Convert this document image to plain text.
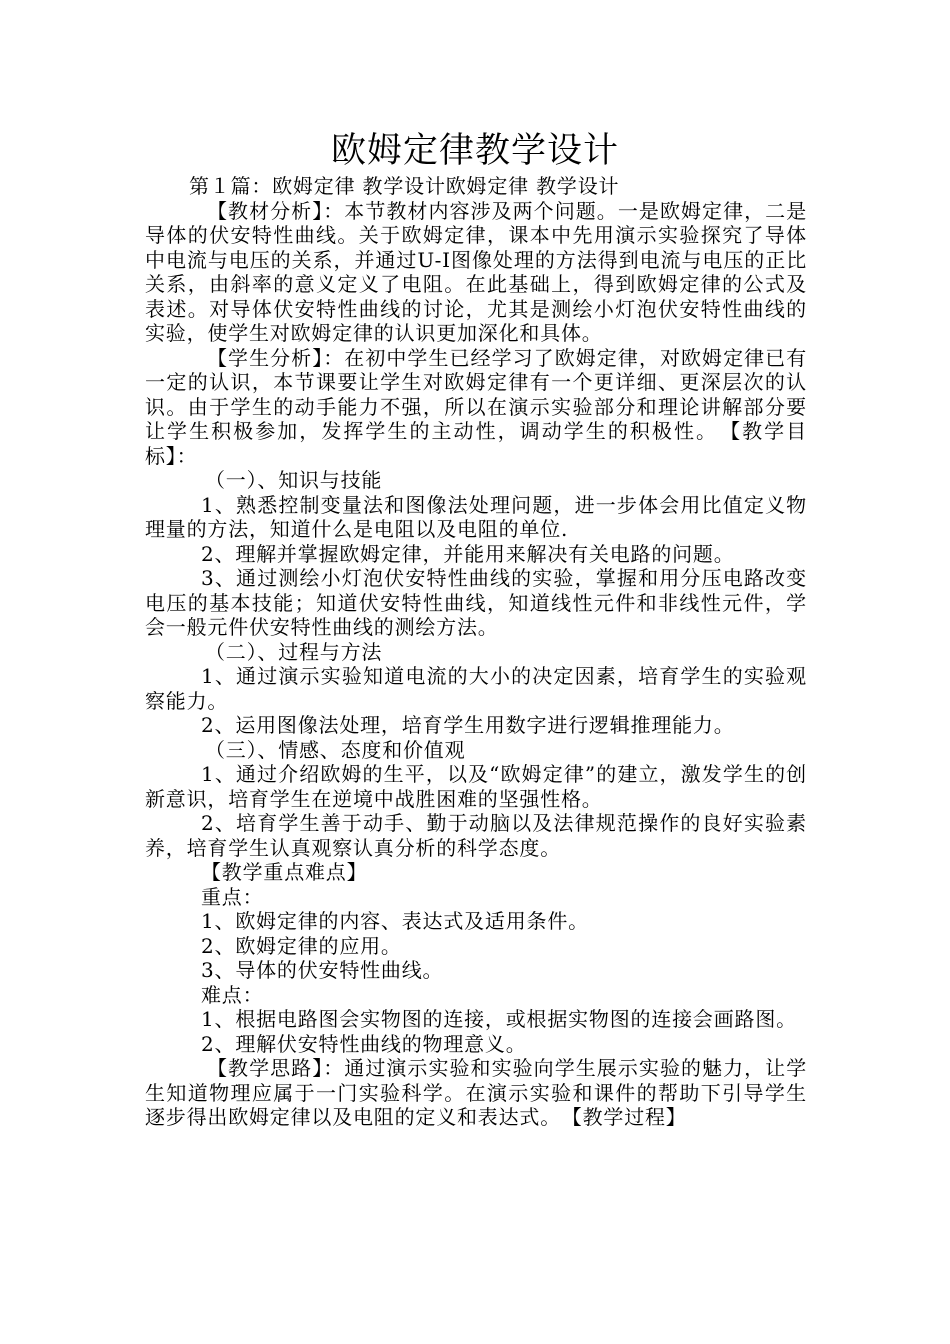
欧姆定律教学设计

第１篇：欧姆定律 教学设计欧姆定律 教学设计

【教材分析】：本节教材内容涉及两个问题。一是欧姆定律，二是导体的伏安特性曲线。关于欧姆定律，课本中先用演示实验探究了导体中电流与电压的关系，并通过U-I图像处理的方法得到电流与电压的正比关系，由斜率的意义定义了电阻。在此基础上，得到欧姆定律的公式及表述。对导体伏安特性曲线的讨论，尤其是测绘小灯泡伏安特性曲线的实验，使学生对欧姆定律的认识更加深化和具体。

【学生分析】：在初中学生已经学习了欧姆定律，对欧姆定律已有一定的认识，本节课要让学生对欧姆定律有一个更详细、更深层次的认识。由于学生的动手能力不强，所以在演示实验部分和理论讲解部分要让学生积极参加，发挥学生的主动性，调动学生的积极性。　【教学目标】：

（一）、知识与技能

1、熟悉控制变量法和图像法处理问题，进一步体会用比值定义物理量的方法，知道什么是电阻以及电阻的单位.

2、理解并掌握欧姆定律，并能用来解决有关电路的问题。

3、通过测绘小灯泡伏安特性曲线的实验，掌握和用分压电路改变电压的基本技能；知道伏安特性曲线，知道线性元件和非线性元件，学会一般元件伏安特性曲线的测绘方法。

（二）、过程与方法

1、通过演示实验知道电流的大小的决定因素，培育学生的实验观察能力。

2、运用图像法处理，培育学生用数字进行逻辑推理能力。

（三）、情感、态度和价值观

1、通过介绍欧姆的生平，以及“欧姆定律”的建立，激发学生的创新意识，培育学生在逆境中战胜困难的坚强性格。

2、培育学生善于动手、勤于动脑以及法律规范操作的良好实验素养，培育学生认真观察认真分析的科学态度。

【教学重点难点】

重点：

1、欧姆定律的内容、表达式及适用条件。

2、欧姆定律的应用。

3、导体的伏安特性曲线。

难点：

1、根据电路图会实物图的连接，或根据实物图的连接会画路图。

2、理解伏安特性曲线的物理意义。

【教学思路】：通过演示实验和实验向学生展示实验的魅力，让学生知道物理应属于一门实验科学。在演示实验和课件的帮助下引导学生逐步得出欧姆定律以及电阻的定义和表达式。　【教学过程】
